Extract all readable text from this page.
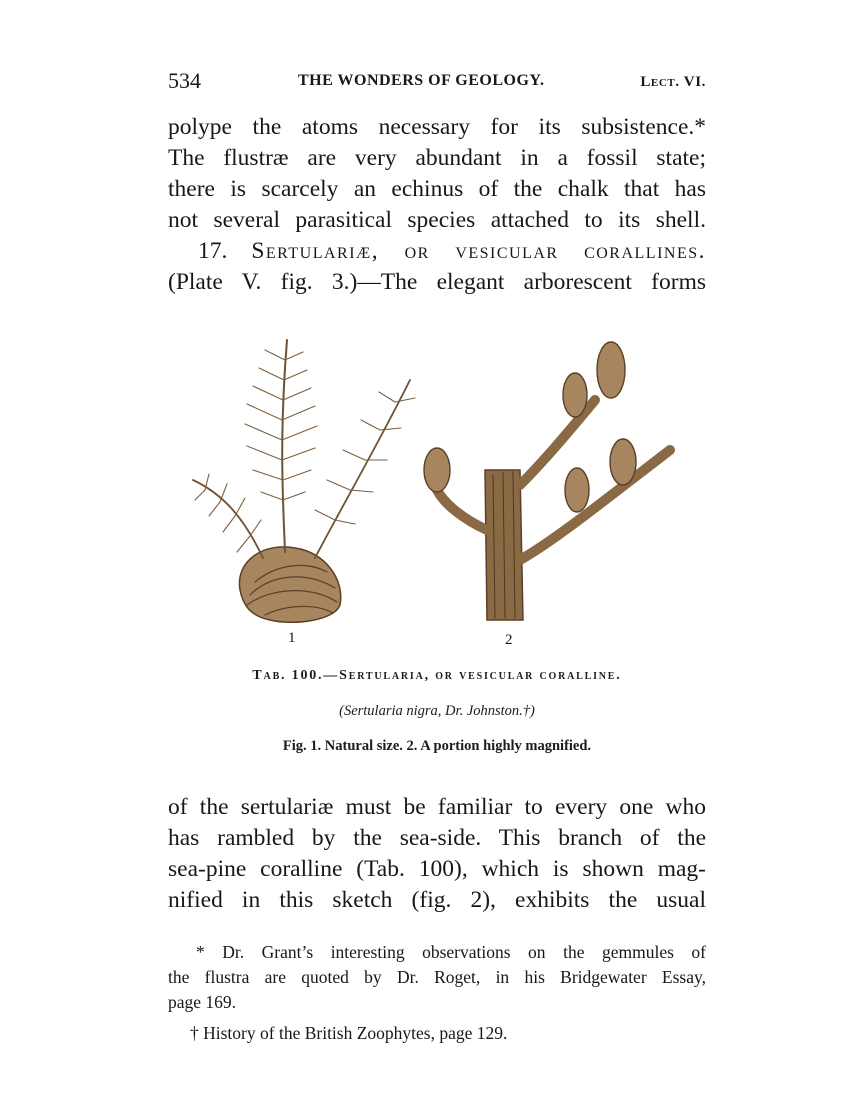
534	THE WONDERS OF GEOLOGY.	Lect. VI.
polype the atoms necessary for its subsistence.*
The flustræ are very abundant in a fossil state;
there is scarcely an echinus of the chalk that has
not several parasitical species attached to its shell.
17. Sertulariæ, or vesicular corallines.
(Plate V. fig. 3.)—The elegant arborescent forms
1	2
Tab. 100.—Sertularia, or vesicular coralline.
(Sertularia nigra, Dr. Johnston.†)
Fig. 1. Natural size. 2. A portion highly magnified.
of the sertulariæ must be familiar to every one who
has rambled by the sea-side. This branch of the
sea-pine coralline (Tab. 100), which is shown mag-
nified in this sketch (fig. 2), exhibits the usual
* Dr. Grant’s interesting observations on the gemmules of
the flustra are quoted by Dr. Roget, in his Bridgewater Essay,
page 169.
† History of the British Zoophytes, page 129.
